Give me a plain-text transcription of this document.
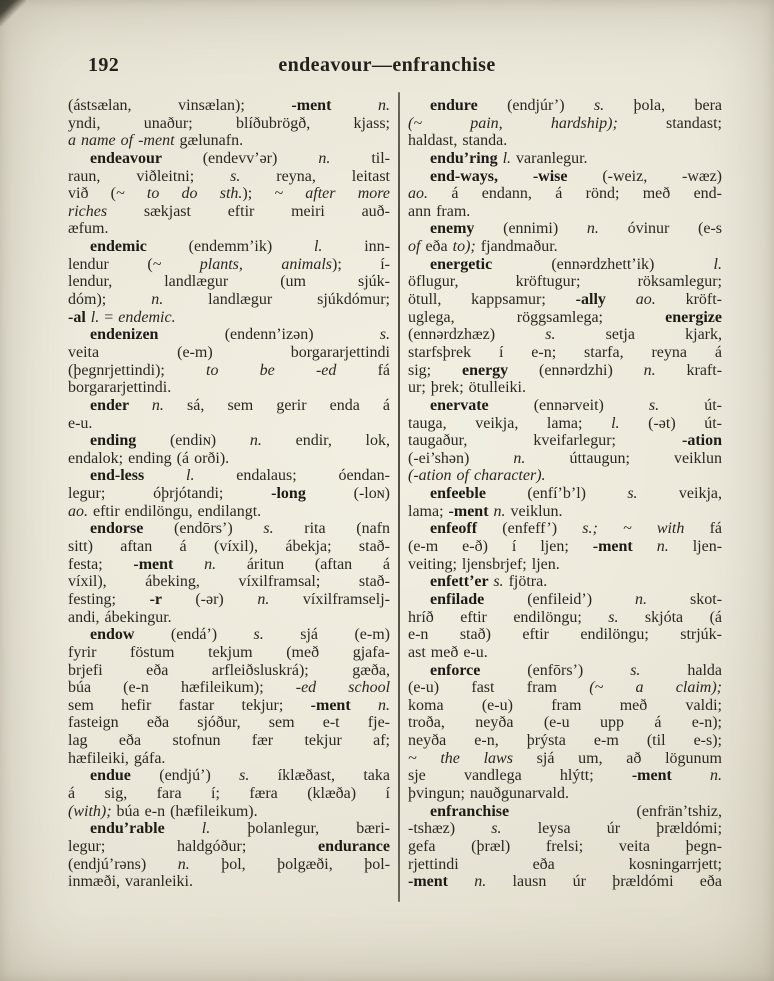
192	endeavour—enfranchise
(ástsælan, vinsælan); -ment n.
yndi, unaður; blíðubrögð, kjass;
a name of -ment gælunafn.
endeavour (endevv’ər) n. til-
raun, viðleitni; s. reyna, leitast
við (~ to do sth.); ~ after more
riches sækjast eftir meiri auð-
æfum.
endemic (endemm’ik) l. inn-
lendur (~ plants, animals); í-
lendur, landlægur (um sjúk-
dóm); n. landlægur sjúkdómur;
-al l. = endemic.
endenizen (endenn’izən) s.
veita (e-m) borgararjettindi
(þegnrjettindi); to be -ed fá
borgararjettindi.
ender n. sá, sem gerir enda á
e-u.
ending (endiɴ) n. endir, lok,
endalok; ending (á orði).
end-less l. endalaus; óendan-
legur; óþrjótandi; -long (-loɴ)
ao. eftir endilöngu, endilangt.
endorse (endōrs’) s. rita (nafn
sitt) aftan á (víxil), ábekja; stað-
festa; -ment n. áritun (aftan á
víxil), ábeking, víxilframsal; stað-
festing; -r (-ər) n. víxilframselj-
andi, ábekingur.
endow (endá’) s. sjá (e-m)
fyrir föstum tekjum (með gjafa-
brjefi eða arfleiðsluskrá); gæða,
búa (e-n hæfileikum); -ed school
sem hefir fastar tekjur; -ment n.
fasteign eða sjóður, sem e-t fje-
lag eða stofnun fær tekjur af;
hæfileiki, gáfa.
endue (endjú’) s. íklæðast, taka
á sig, fara í; færa (klæða) í
(with); búa e-n (hæfileikum).
endu’rable l. þolanlegur, bæri-
legur; haldgóður; endurance
(endjú’rəns) n. þol, þolgæði, þol-
inmæði, varanleiki.
endure (endjúr’) s. þola, bera
(~ pain, hardship); standast;
haldast, standa.
endu’ring l. varanlegur.
end-ways, -wise (-weiz, -wæz)
ao. á endann, á rönd; með end-
ann fram.
enemy (ennimi) n. óvinur (e-s
of eða to); fjandmaður.
energetic (ennərdzhett’ik) l.
öflugur, kröftugur; röksamlegur;
ötull, kappsamur; -ally ao. kröft-
uglega, röggsamlega; energize
(ennərdzhæz) s. setja kjark,
starfsþrek í e-n; starfa, reyna á
sig; energy (ennərdzhi) n. kraft-
ur; þrek; ötulleiki.
enervate (ennərveit) s. út-
tauga, veikja, lama; l. (-ət) út-
taugaður, kveifarlegur; -ation
(-ei’shən) n. úttaugun; veiklun
(-ation of character).
enfeeble (enfí’b’l) s. veikja,
lama; -ment n. veiklun.
enfeoff (enfeff’) s.; ~ with fá
(e-m e-ð) í ljen; -ment n. ljen-
veiting; ljensbrjef; ljen.
enfett’er s. fjötra.
enfilade (enfileid’) n. skot-
hríð eftir endilöngu; s. skjóta (á
e-n stað) eftir endilöngu; strjúk-
ast með e-u.
enforce (enfōrs’) s. halda
(e-u) fast fram (~ a claim);
koma (e-u) fram með valdi;
troða, neyða (e-u upp á e-n);
neyða e-n, þrýsta e-m (til e-s);
~ the laws sjá um, að lögunum
sje vandlega hlýtt; -ment n.
þvingun; nauðgunarvald.
enfranchise (enfrän’tshiz,
-tshæz) s. leysa úr þrældómi;
gefa (þræl) frelsi; veita þegn-
rjettindi eða kosningarrjett;
-ment n. lausn úr þrældómi eða
